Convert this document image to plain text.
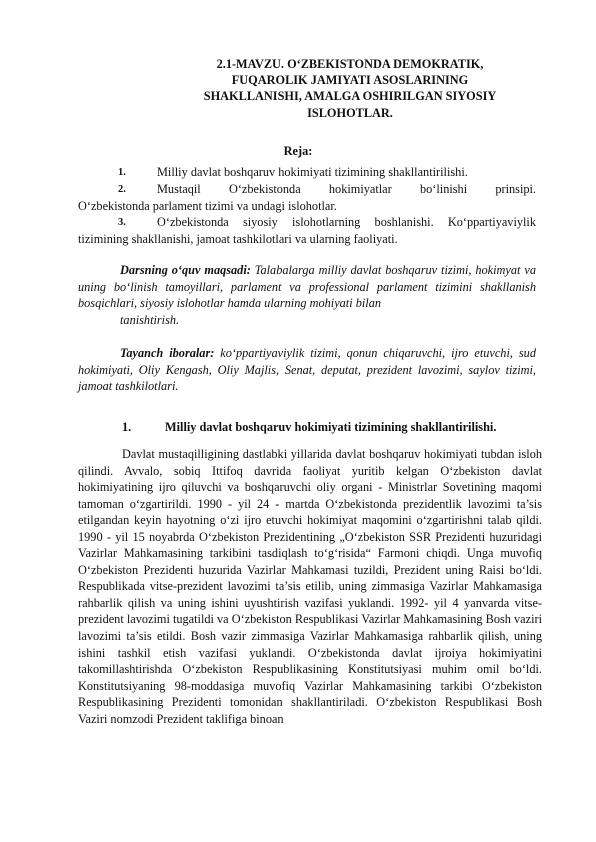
2.1-MAVZU. O‘ZBEKISTONDA DEMOKRATIK,
FUQAROLIK JAMIYATI ASOSLARINING
SHAKLLANISHI, AMALGA OSHIRILGAN SIYOSIY
ISLOHOTLAR.
Reja:
1.	Milliy davlat boshqaruv hokimiyati tizimining shakllantirilishi.
2.	Mustaqil O‘zbekistonda hokimiyatlar bo‘linishi prinsipi.
O‘zbekistonda parlament tizimi va undagi islohotlar.
3.	O‘zbekistonda siyosiy islohotlarning boshlanishi. Ko‘ppartiyaviylik
tizimining shakllanishi, jamoat tashkilotlari va ularning faoliyati.
Darsning o‘quv maqsadi: Talabalarga milliy davlat boshqaruv tizimi, hokimyat va uning bo‘linish tamoyillari, parlament va professional parlament tizimini shakllanish bosqichlari, siyosiy islohotlar hamda ularning mohiyati bilan
tanishtirish.
Tayanch iboralar: ko‘ppartiyaviylik tizimi, qonun chiqaruvchi, ijro etuvchi, sud hokimiyati, Oliy Kengash, Oliy Majlis, Senat, deputat, prezident lavozimi, saylov tizimi, jamoat tashkilotlari.
1.	Milliy davlat boshqaruv hokimiyati tizimining shakllantirilishi.
Davlat mustaqilligining dastlabki yillarida davlat boshqaruv hokimiyati tubdan isloh qilindi. Avvalo, sobiq Ittifoq davrida faoliyat yuritib kelgan O‘zbekiston davlat hokimiyatining ijro qiluvchi va boshqaruvchi oliy organi - Ministrlar Sovetining maqomi tamoman o‘zgartirildi. 1990 - yil 24 - martda O‘zbekistonda prezidentlik lavozimi ta’sis etilgandan keyin hayotning o‘zi ijro etuvchi hokimiyat maqomini o‘zgartirishni talab qildi. 1990 - yil 15 noyabrda O‘zbekiston Prezidentining „O‘zbekiston SSR Prezidenti huzuridagi Vazirlar Mahkamasining tarkibini tasdiqlash to‘g‘risida“ Farmoni chiqdi. Unga muvofiq O‘zbekiston Prezidenti huzurida Vazirlar Mahkamasi tuzildi, Prezident uning Raisi bo‘ldi. Respublikada vitse-prezident lavozimi ta’sis etilib, uning zimmasiga Vazirlar Mahkamasiga rahbarlik qilish va uning ishini uyushtirish vazifasi yuklandi. 1992- yil 4 yanvarda vitse-prezident lavozimi tugatildi va O‘zbekiston Respublikasi Vazirlar Mahkamasining Bosh vaziri lavozimi ta’sis etildi. Bosh vazir zimmasiga Vazirlar Mahkamasiga rahbarlik qilish, uning ishini tashkil etish vazifasi yuklandi. O‘zbekistonda davlat ijroiya hokimiyatini takomillashtirishda O‘zbekiston Respublikasining Konstitutsiyasi muhim omil bo‘ldi. Konstitutsiyaning 98-moddasiga muvofiq Vazirlar Mahkamasining tarkibi O‘zbekiston Respublikasining Prezidenti tomonidan shakllantiriladi. O‘zbekiston Respublikasi Bosh Vaziri nomzodi Prezident taklifiga binoan
